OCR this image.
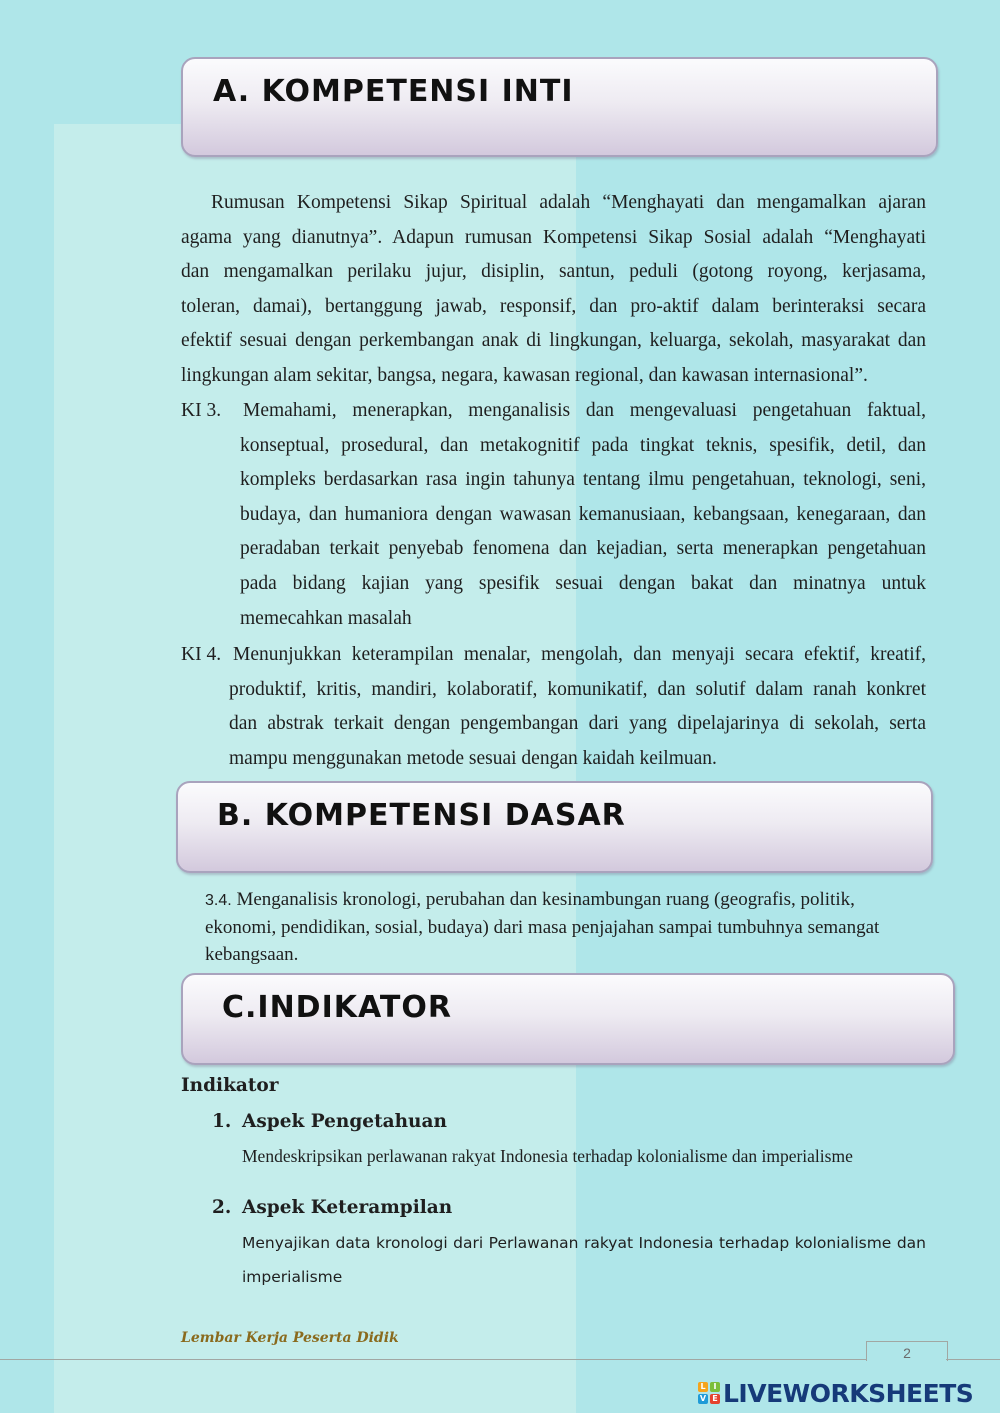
A. KOMPETENSI INTI
Rumusan Kompetensi Sikap Spiritual adalah “Menghayati dan mengamalkan ajaran
agama yang dianutnya”. Adapun rumusan Kompetensi Sikap Sosial adalah “Menghayati
dan mengamalkan perilaku jujur, disiplin, santun, peduli (gotong royong, kerjasama,
toleran, damai), bertanggung jawab, responsif, dan pro-aktif dalam berinteraksi secara
efektif sesuai dengan perkembangan anak di lingkungan, keluarga, sekolah, masyarakat dan
lingkungan alam sekitar, bangsa, negara, kawasan regional, dan kawasan internasional”.
KI 3. Memahami, menerapkan, menganalisis dan mengevaluasi pengetahuan faktual,
konseptual, prosedural, dan metakognitif pada tingkat teknis, spesifik, detil, dan
kompleks berdasarkan rasa ingin tahunya tentang ilmu pengetahuan, teknologi, seni,
budaya, dan humaniora dengan wawasan kemanusiaan, kebangsaan, kenegaraan, dan
peradaban terkait penyebab fenomena dan kejadian, serta menerapkan pengetahuan
pada bidang kajian yang spesifik sesuai dengan bakat dan minatnya untuk
memecahkan masalah
KI 4. Menunjukkan keterampilan menalar, mengolah, dan menyaji secara efektif, kreatif,
produktif, kritis, mandiri, kolaboratif, komunikatif, dan solutif dalam ranah konkret
dan abstrak terkait dengan pengembangan dari yang dipelajarinya di sekolah, serta
mampu menggunakan metode sesuai dengan kaidah keilmuan.
B. KOMPETENSI DASAR
3.4. Menganalisis kronologi, perubahan dan kesinambungan ruang (geografis, politik,
ekonomi, pendidikan, sosial, budaya) dari masa penjajahan sampai tumbuhnya semangat
kebangsaan.
C.INDIKATOR
Indikator
1. Aspek Pengetahuan
Mendeskripsikan perlawanan rakyat Indonesia terhadap kolonialisme dan imperialisme
2. Aspek Keterampilan
Menyajikan data kronologi dari Perlawanan rakyat Indonesia terhadap kolonialisme dan
imperialisme
Lembar Kerja Peserta Didik
2
L I
V E LIVEWORKSHEETS
